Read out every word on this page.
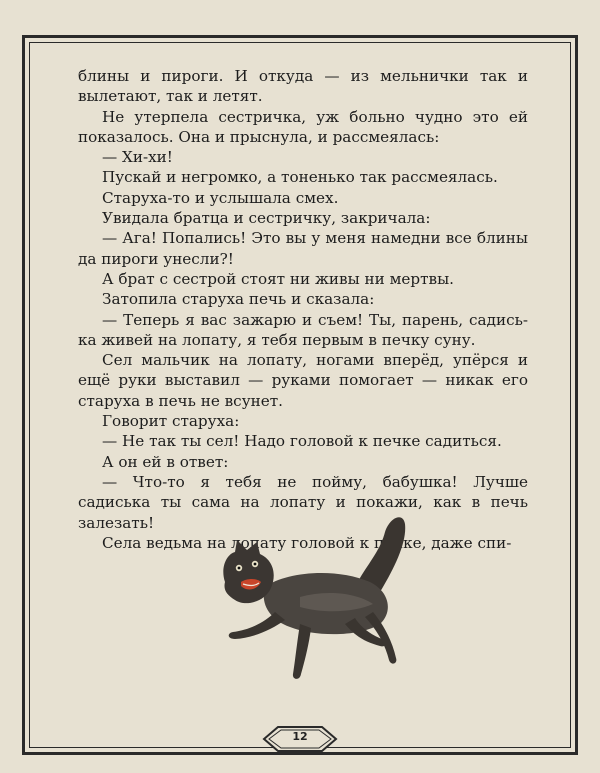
блины и пироги. И откуда — из мельнички так и вылетают, так и летят.

Не утерпела сестричка, уж больно чудно это ей показалось. Она и прыснула, и рассмеялась:

— Хи-хи!

Пускай и негромко, а тоненько так рассмеялась.

Старуха-то и услышала смех.

Увидала братца и сестричку, закричала:

— Ага! Попались! Это вы у меня намедни все блины да пироги унесли?!

А брат с сестрой стоят ни живы ни мертвы.

Затопила старуха печь и сказала:

— Теперь я вас зажарю и съем! Ты, парень, садись-ка живей на лопату, я тебя первым в печку суну.

Сел мальчик на лопату, ногами вперёд, упёрся и ещё руки выставил — руками помогает — никак его старуха в печь не всунет.

Говорит старуха:

— Не так ты сел! Надо головой к печке садиться.

А он ей в ответ:

— Что-то я тебя не пойму, бабушка! Лучше садиська ты сама на лопату и покажи, как в печь залезать!

Села ведьма на лопату головой к печке, даже спи-

12
